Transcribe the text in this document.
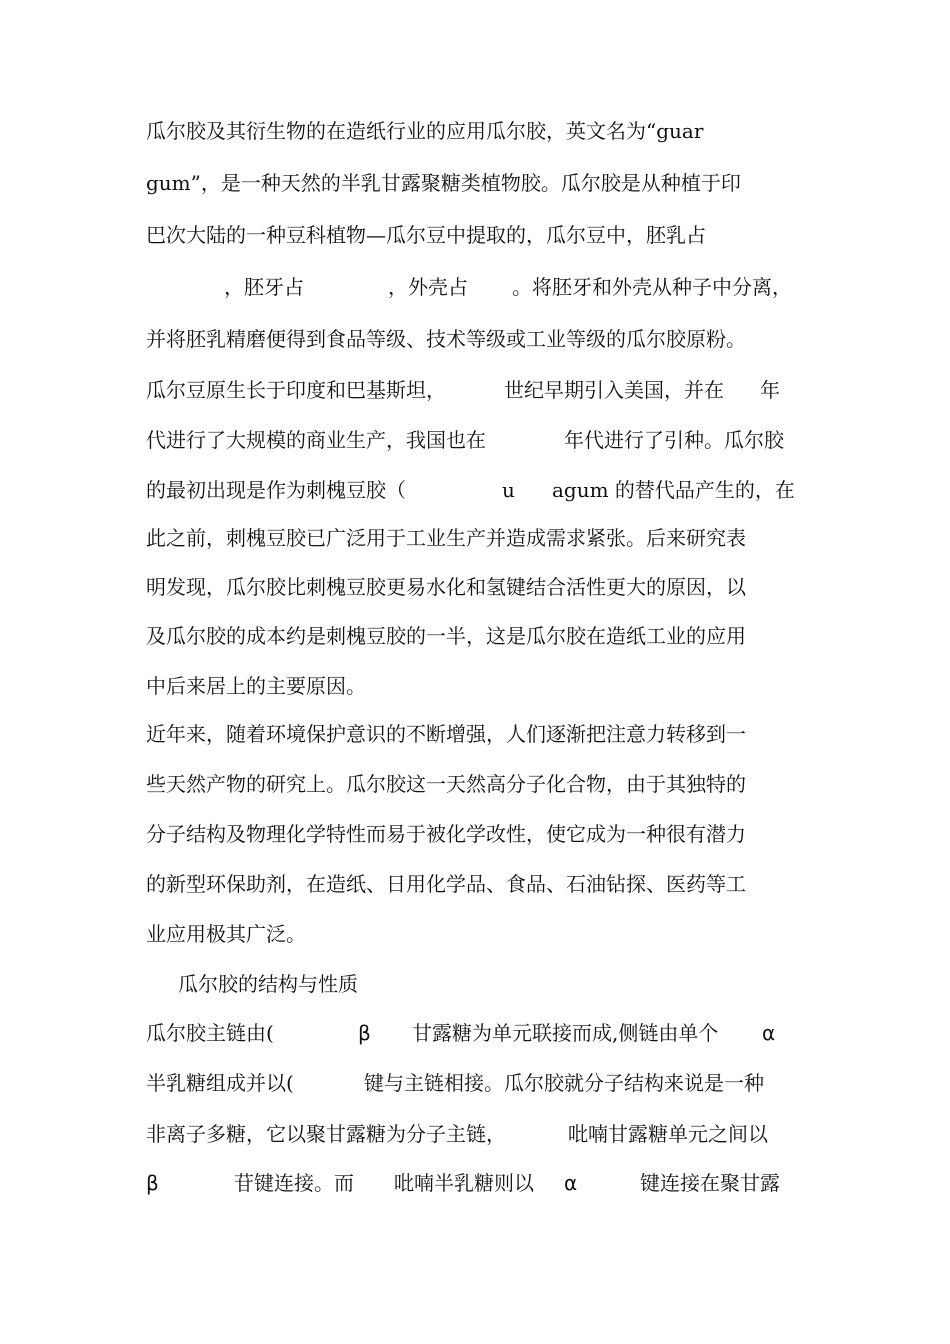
瓜尔胶及其衍生物的在造纸行业的应用瓜尔胶，英文名为“guar
gum”，是一种天然的半乳甘露聚糖类植物胶。瓜尔胶是从种植于印
巴次大陆的一种豆科植物—瓜尔豆中提取的，瓜尔豆中，胚乳占
，胚牙占	，外壳占 。将胚牙和外壳从种子中分离，
并将胚乳精磨便得到食品等级、技术等级或工业等级的瓜尔胶原粉。
瓜尔豆原生长于印度和巴基斯坦，	世纪早期引入美国，并在 年
代进行了大规模的商业生产，我国也在	年代进行了引种。瓜尔胶
的最初出现是作为刺槐豆胶（	u agum 的替代品产生的，在
此之前，刺槐豆胶已广泛用于工业生产并造成需求紧张。后来研究表
明发现，瓜尔胶比刺槐豆胶更易水化和氢键结合活性更大的原因，以
及瓜尔胶的成本约是刺槐豆胶的一半，这是瓜尔胶在造纸工业的应用
中后来居上的主要原因。
近年来，随着环境保护意识的不断增强，人们逐渐把注意力转移到一
些天然产物的研究上。瓜尔胶这一天然高分子化合物，由于其独特的
分子结构及物理化学特性而易于被化学改性，使它成为一种很有潜力
的新型环保助剂，在造纸、日用化学品、食品、石油钻探、医药等工
业应用极其广泛。
瓜尔胶的结构与性质
瓜尔胶主链由(	β 甘露糖为单元联接而成,侧链由单个 α
半乳糖组成并以(	键与主链相接。瓜尔胶就分子结构来说是一种
非离子多糖，它以聚甘露糖为分子主链，	吡喃甘露糖单元之间以
β	苷键连接。而 吡喃半乳糖则以 α	键连接在聚甘露
